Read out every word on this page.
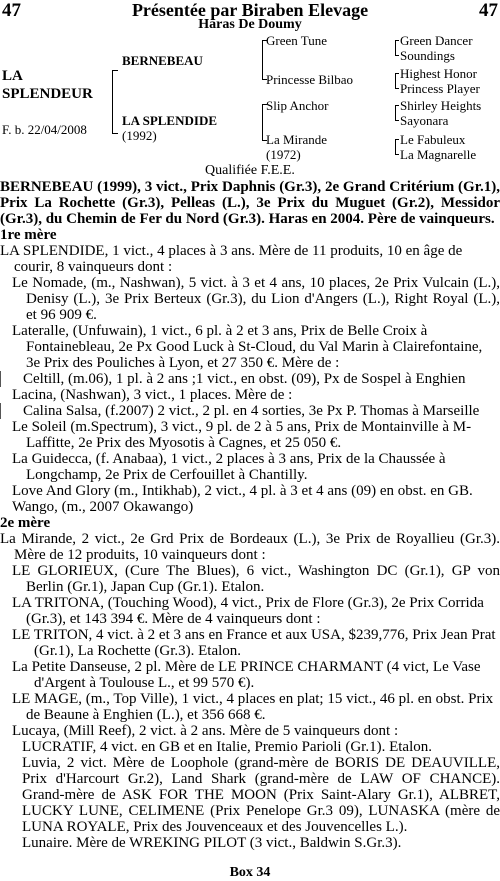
47	Présentée par Biraben Elevage	47
Haras De Doumy
LA
SPLENDEUR
F. b. 22/04/2008
BERNEBEAU
LA SPLENDIDE
(1992)
Green Tune
Princesse Bilbao
Slip Anchor
La Mirande
(1972)
Green Dancer
Soundings
Highest Honor
Princess Player
Shirley Heights
Sayonara
Le Fabuleux
La Magnarelle
Qualifiée F.E.E.

BERNEBEAU (1999), 3 vict., Prix Daphnis (Gr.3), 2e Grand Critérium (Gr.1), Prix La Rochette (Gr.3), Pelleas (L.), 3e Prix du Muguet (Gr.2), Messidor (Gr.3), du Chemin de Fer du Nord (Gr.3). Haras en 2004. Père de vainqueurs.

1re mère

LA SPLENDIDE, 1 vict., 4 places à 3 ans. Mère de 11 produits, 10 en âge de courir, 8 vainqueurs dont :

Le Nomade, (m., Nashwan), 5 vict. à 3 et 4 ans, 10 places, 2e Prix Vulcain (L.), Denisy (L.), 3e Prix Berteux (Gr.3), du Lion d'Angers (L.), Right Royal (L.), et 96 909 €.

Lateralle, (Unfuwain), 1 vict., 6 pl. à 2 et 3 ans, Prix de Belle Croix à Fontainebleau, 2e Px Good Luck à St-Cloud, du Val Marin à Clairefontaine, 3e Prix des Pouliches à Lyon, et 27 350 €. Mère de :

Celtill, (m.06), 1 pl. à 2 ans ;1 vict., en obst. (09), Px de Sospel à Enghien

Lacina, (Nashwan), 3 vict., 1 places. Mère de :

Calina Salsa, (f.2007) 2 vict., 2 pl. en 4 sorties, 3e Px P. Thomas à Marseille

Le Soleil (m.Spectrum), 3 vict., 9 pl. de 2 à 5 ans, Prix de Montainville à M-Laffitte, 2e Prix des Myosotis à Cagnes, et 25 050 €.

La Guidecca, (f. Anabaa), 1 vict., 2 places à 3 ans, Prix de la Chaussée à Longchamp, 2e Prix de Cerfouillet à Chantilly.

Love And Glory (m., Intikhab), 2 vict., 4 pl. à 3 et 4 ans (09) en obst. en GB.

Wango, (m., 2007 Okawango)

2e mère

La Mirande, 2 vict., 2e Grd Prix de Bordeaux (L.), 3e Prix de Royallieu (Gr.3). Mère de 12 produits, 10 vainqueurs dont :

LE GLORIEUX, (Cure The Blues), 6 vict., Washington DC (Gr.1), GP von Berlin (Gr.1), Japan Cup (Gr.1). Etalon.

LA TRITONA, (Touching Wood), 4 vict., Prix de Flore (Gr.3), 2e Prix Corrida (Gr.3), et 143 394 €. Mère de 4 vainqueurs dont :

LE TRITON, 4 vict. à 2 et 3 ans en France et aux USA, $239,776, Prix Jean Prat (Gr.1), La Rochette (Gr.3). Etalon.

La Petite Danseuse, 2 pl. Mère de LE PRINCE CHARMANT (4 vict, Le Vase d'Argent à Toulouse L., et 99 570 €).

LE MAGE, (m., Top Ville), 1 vict., 4 places en plat; 15 vict., 46 pl. en obst. Prix de Beaune à Enghien (L.), et 356 668 €.

Lucaya, (Mill Reef), 2 vict. à 2 ans. Mère de 5 vainqueurs dont :

LUCRATIF, 4 vict. en GB et en Italie, Premio Parioli (Gr.1). Etalon.

Luvia, 2 vict. Mère de Loophole (grand-mère de BORIS DE DEAUVILLE, Prix d'Harcourt Gr.2), Land Shark (grand-mère de LAW OF CHANCE). Grand-mère de ASK FOR THE MOON (Prix Saint-Alary Gr.1), ALBRET, LUCKY LUNE, CELIMENE (Prix Penelope Gr.3 09), LUNASKA (mère de LUNA ROYALE, Prix des Jouvenceaux et des Jouvencelles L.).

Lunaire. Mère de WREKING PILOT (3 vict., Baldwin S.Gr.3).

Box 34
